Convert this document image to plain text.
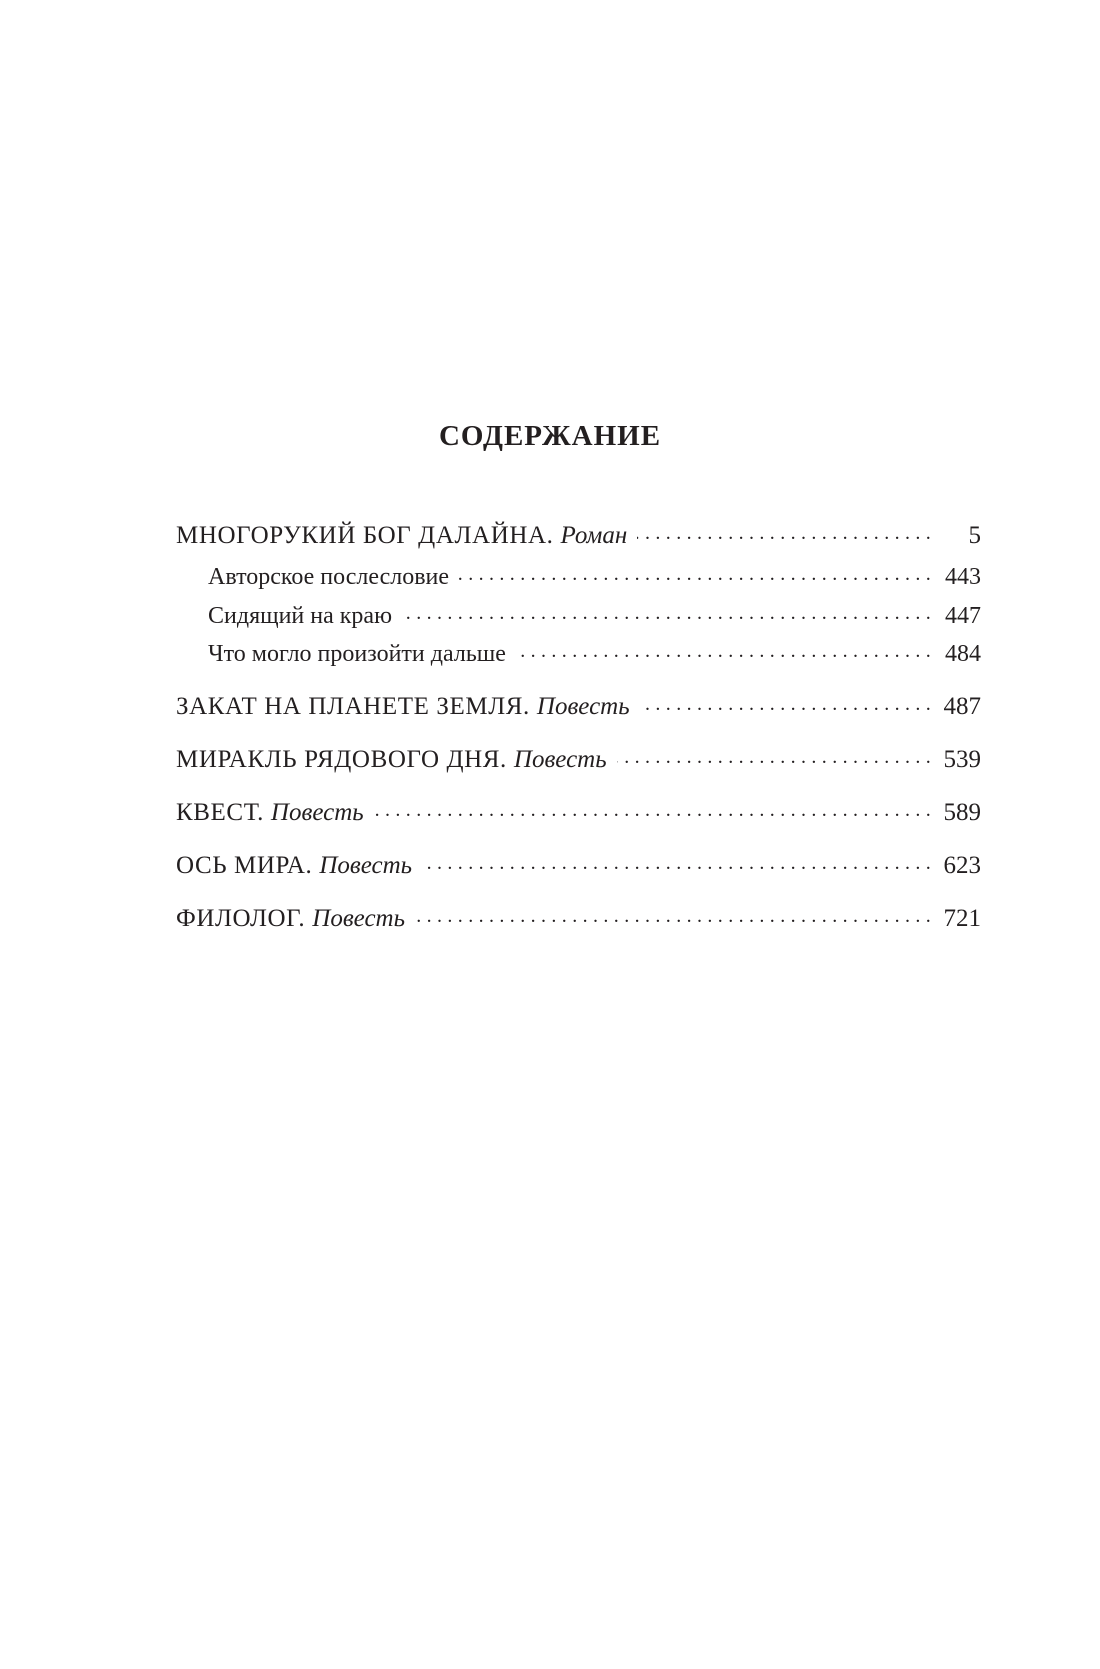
СОДЕРЖАНИЕ
МНОГОРУКИЙ БОГ ДАЛАЙНА. Роман . . .	5
Авторское послесловие . . .	443
Сидящий на краю . . .	447
Что могло произойти дальше . . .	484
ЗАКАТ НА ПЛАНЕТЕ ЗЕМЛЯ. Повесть . . .	487
МИРАКЛЬ РЯДОВОГО ДНЯ. Повесть . . .	539
КВЕСТ. Повесть . . .	589
ОСЬ МИРА. Повесть . . .	623
ФИЛОЛОГ. Повесть . . .	721
